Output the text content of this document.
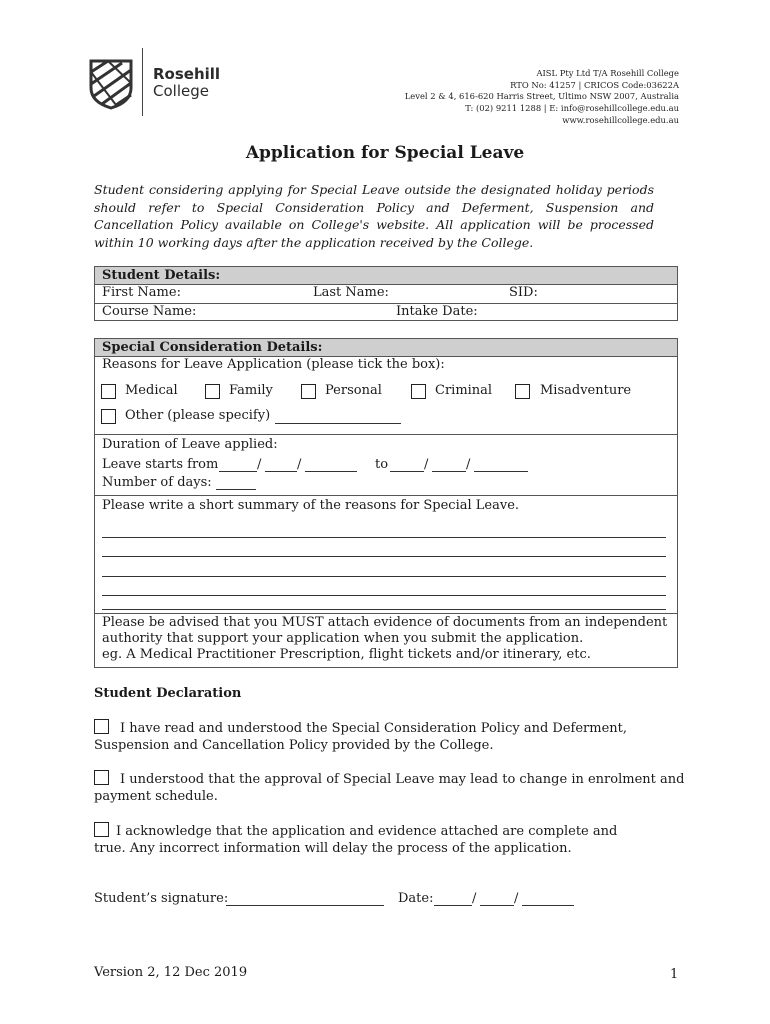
Rosehill
College
AISL Pty Ltd T/A Rosehill College
RTO No: 41257 | CRICOS Code:03622A
Level 2 & 4, 616-620 Harris Street, Ultimo NSW 2007, Australia
T: (02) 9211 1288 | E: info@rosehillcollege.edu.au
www.rosehillcollege.edu.au
Application for Special Leave
Student considering applying for Special Leave outside the designated holiday periods should refer to Special Consideration Policy and Deferment, Suspension and Cancellation Policy available on College's website. All application will be processed within 10 working days after the application received by the College.
Student Details:
First Name:	Last Name:	SID:
Course Name:	Intake Date:
Special Consideration Details:
Reasons for Leave Application (please tick the box):
Medical	Family	Personal	Criminal	Misadventure
Other (please specify)
Duration of Leave applied:
Leave starts from	/	/	to	/	/
Number of days:
Please write a short summary of the reasons for Special Leave.
Please be advised that you MUST attach evidence of documents from an independent
authority that support your application when you submit the application.
eg. A Medical Practitioner Prescription, flight tickets and/or itinerary, etc.
Student Declaration
I have read and understood the Special Consideration Policy and Deferment,
Suspension and Cancellation Policy provided by the College.
I understood that the approval of Special Leave may lead to change in enrolment and
payment schedule.
I acknowledge that the application and evidence attached are complete and
true. Any incorrect information will delay the process of the application.
Student’s signature:	Date:	/	/
Version 2, 12 Dec 2019	1
